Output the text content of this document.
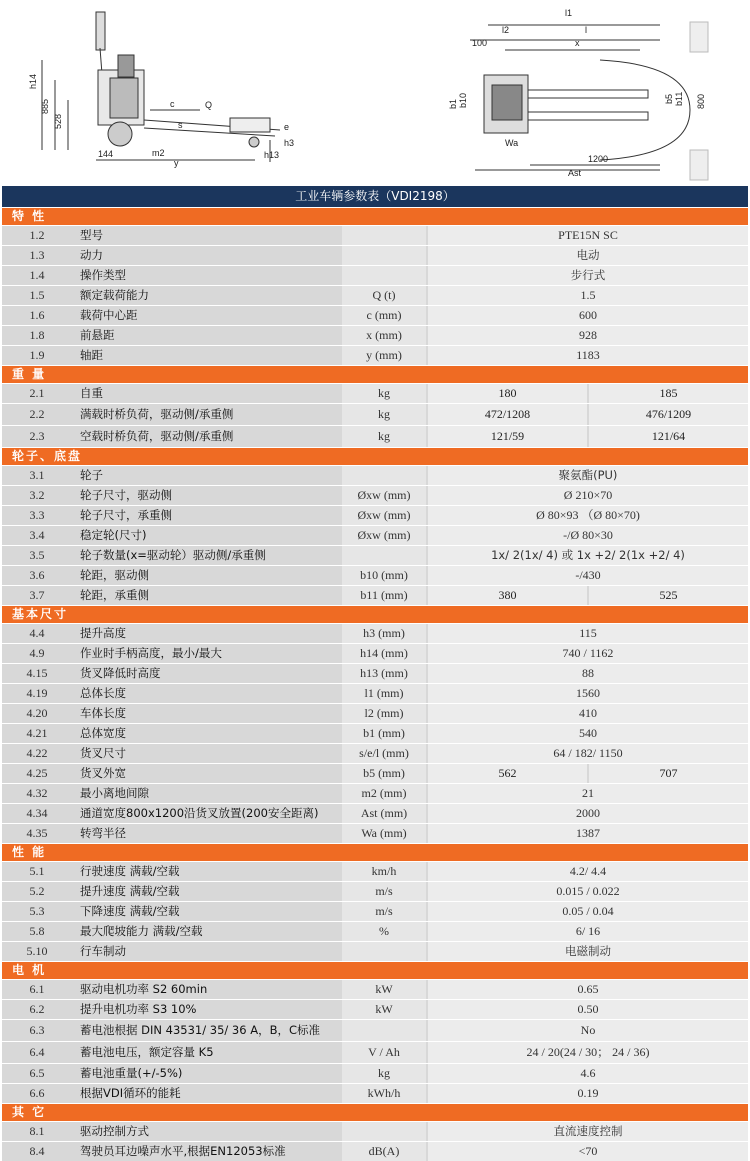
h14
885
528
c	Q
s	e
h3
h13
144	m2
y
l1
l2	l
x
100
b1 b10	b5 b11
Wa
1200
Ast
800
工业车辆参数表（VDI2198）
特 性
1.2	型号	PTE15N SC
1.3	动力	电动
1.4	操作类型	步行式
1.5	额定载荷能力	Q (t)	1.5
1.6	载荷中心距	c (mm)	600
1.8	前悬距	x (mm)	928
1.9	轴距	y (mm)	1183
重 量
2.1	自重	kg	180	185
2.2	满载时桥负荷，驱动侧/承重侧	kg	472/1208	476/1209
2.3	空载时桥负荷，驱动侧/承重侧	kg	121/59	121/64
轮子、底盘
3.1	轮子	聚氨酯(PU)
3.2	轮子尺寸，驱动侧	Øxw (mm)	Ø 210×70
3.3	轮子尺寸，承重侧	Øxw (mm)	Ø 80×93 （Ø 80×70)
3.4	稳定轮(尺寸)	Øxw (mm)	-/Ø 80×30
3.5	轮子数量(x=驱动轮）驱动侧/承重侧	1x/ 2(1x/ 4) 或 1x +2/ 2(1x +2/ 4)
3.6	轮距，驱动侧	b10 (mm)	-/430
3.7	轮距，承重侧	b11 (mm)	380	525
基本尺寸
4.4	提升高度	h3 (mm)	115
4.9	作业时手柄高度，最小/最大	h14 (mm)	740 / 1162
4.15	货叉降低时高度	h13 (mm)	88
4.19	总体长度	l1 (mm)	1560
4.20	车体长度	l2 (mm)	410
4.21	总体宽度	b1 (mm)	540
4.22	货叉尺寸	s/e/l (mm)	64 / 182/ 1150
4.25	货叉外宽	b5 (mm)	562	707
4.32	最小离地间隙	m2 (mm)	21
4.34	通道宽度800x1200沿货叉放置(200安全距离)	Ast (mm)	2000
4.35	转弯半径	Wa (mm)	1387
性 能
5.1	行驶速度 满载/空载	km/h	4.2/ 4.4
5.2	提升速度 满载/空载	m/s	0.015 / 0.022
5.3	下降速度 满载/空载	m/s	0.05 / 0.04
5.8	最大爬坡能力 满载/空载	%	6/ 16
5.10	行车制动	电磁制动
电 机
6.1	驱动电机功率 S2 60min	kW	0.65
6.2	提升电机功率 S3 10%	kW	0.50
6.3	蓄电池根据 DIN 43531/ 35/ 36 A，B，C标准	No
6.4	蓄电池电压，额定容量 K5	V / Ah	24 / 20(24 / 30； 24 / 36)
6.5	蓄电池重量(+/-5%)	kg	4.6
6.6	根据VDI循环的能耗	kWh/h	0.19
其 它
8.1	驱动控制方式	直流速度控制
8.4	驾驶员耳边噪声水平,根据EN12053标准	dB(A)	<70
